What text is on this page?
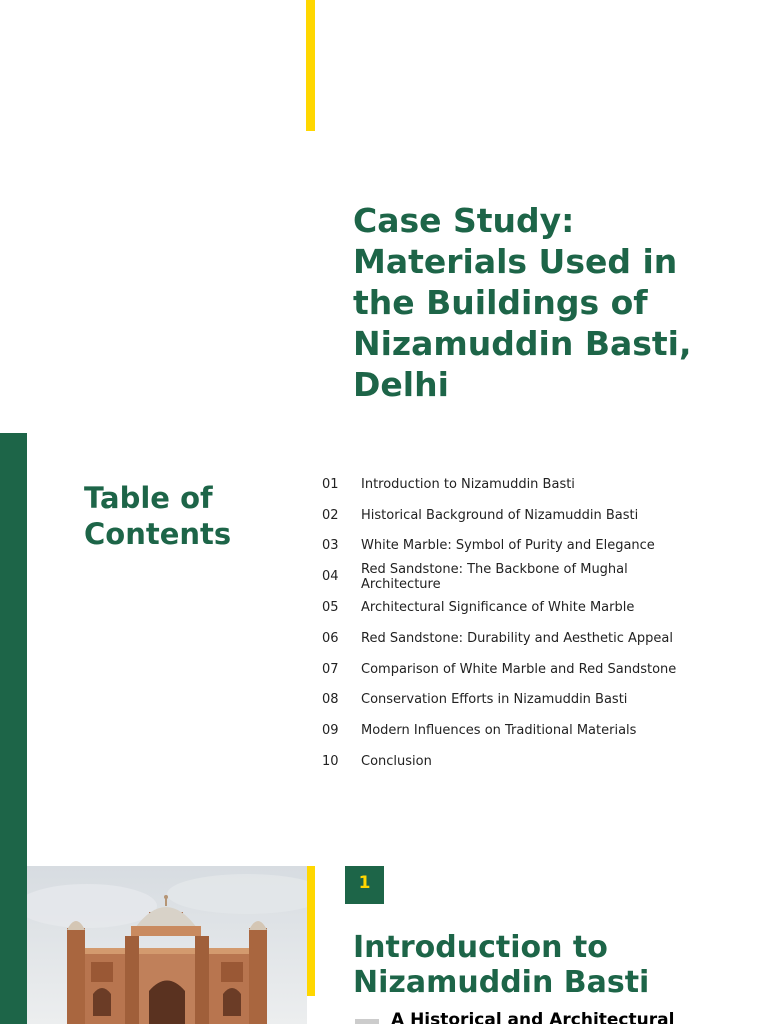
Case Study:
Materials Used in
the Buildings of
Nizamuddin Basti,
Delhi
Table of
Contents
01	Introduction to Nizamuddin Basti
02	Historical Background of Nizamuddin Basti
03	White Marble: Symbol of Purity and Elegance
04	Red Sandstone: The Backbone of Mughal Architecture
05	Architectural Significance of White Marble
06	Red Sandstone: Durability and Aesthetic Appeal
07	Comparison of White Marble and Red Sandstone
08	Conservation Efforts in Nizamuddin Basti
09	Modern Influences on Traditional Materials
10	Conclusion
1
Introduction to
Nizamuddin Basti
A Historical and Architectural
